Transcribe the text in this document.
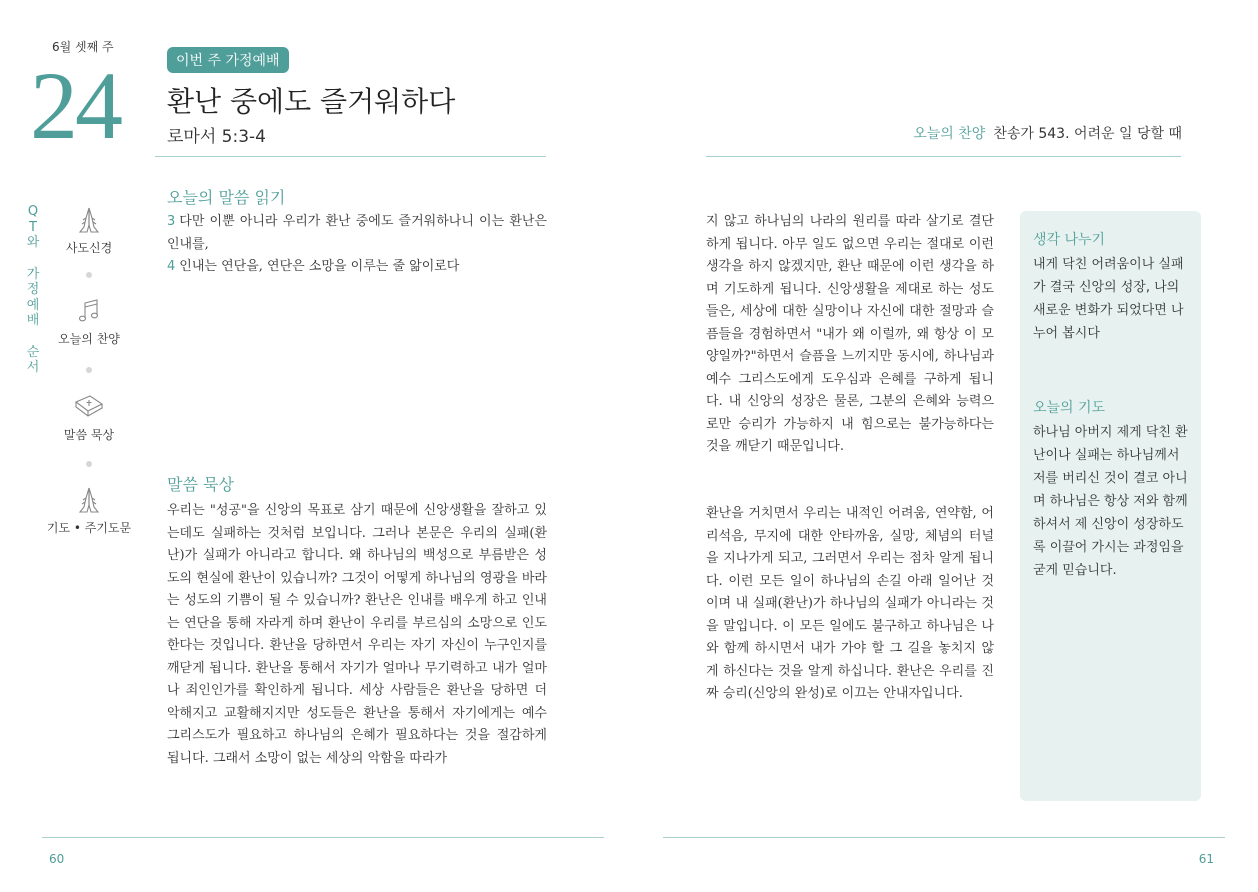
6월 셋째 주
24	이번 주 가정예배
환난 중에도 즐거워하다
로마서 5:3-4	오늘의 찬양 찬송가 543. 어려운 일 당할 때
Q
T
와
가
정
예
배
순
서
사도신경
오늘의 찬양
말씀 묵상
기도 • 주기도문
오늘의 말씀 읽기
3 다만 이뿐 아니라 우리가 환난 중에도 즐거워하나니 이는 환난은 인내를,
4 인내는 연단을, 연단은 소망을 이루는 줄 앎이로다
말씀 묵상
우리는 "성공"을 신앙의 목표로 삼기 때문에 신앙생활을 잘하고 있는데도 실패하는 것처럼 보입니다. 그러나 본문은 우리의 실패(환난)가 실패가 아니라고 합니다. 왜 하나님의 백성으로 부름받은 성도의 현실에 환난이 있습니까? 그것이 어떻게 하나님의 영광을 바라는 성도의 기쁨이 될 수 있습니까? 환난은 인내를 배우게 하고 인내는 연단을 통해 자라게 하며 환난이 우리를 부르심의 소망으로 인도한다는 것입니다. 환난을 당하면서 우리는 자기 자신이 누구인지를 깨닫게 됩니다. 환난을 통해서 자기가 얼마나 무기력하고 내가 얼마나 죄인인가를 확인하게 됩니다. 세상 사람들은 환난을 당하면 더 악해지고 교활해지지만 성도들은 환난을 통해서 자기에게는 예수 그리스도가 필요하고 하나님의 은혜가 필요하다는 것을 절감하게 됩니다. 그래서 소망이 없는 세상의 악함을 따라가
지 않고 하나님의 나라의 원리를 따라 살기로 결단하게 됩니다. 아무 일도 없으면 우리는 절대로 이런 생각을 하지 않겠지만, 환난 때문에 이런 생각을 하며 기도하게 됩니다. 신앙생활을 제대로 하는 성도들은, 세상에 대한 실망이나 자신에 대한 절망과 슬픔들을 경험하면서 "내가 왜 이럴까, 왜 항상 이 모양일까?"하면서 슬픔을 느끼지만 동시에, 하나님과 예수 그리스도에게 도우심과 은혜를 구하게 됩니다. 내 신앙의 성장은 물론, 그분의 은혜와 능력으로만 승리가 가능하지 내 힘으로는 불가능하다는 것을 깨닫기 때문입니다.
환난을 거치면서 우리는 내적인 어려움, 연약함, 어리석음, 무지에 대한 안타까움, 실망, 체념의 터널을 지나가게 되고, 그러면서 우리는 점차 알게 됩니다. 이런 모든 일이 하나님의 손길 아래 일어난 것이며 내 실패(환난)가 하나님의 실패가 아니라는 것을 말입니다. 이 모든 일에도 불구하고 하나님은 나와 함께 하시면서 내가 가야 할 그 길을 놓치지 않게 하신다는 것을 알게 하십니다. 환난은 우리를 진짜 승리(신앙의 완성)로 이끄는 안내자입니다.
생각 나누기
내게 닥친 어려움이나 실패가 결국 신앙의 성장, 나의 새로운 변화가 되었다면 나누어 봅시다
오늘의 기도
하나님 아버지 제게 닥친 환난이나 실패는 하나님께서 저를 버리신 것이 결코 아니며 하나님은 항상 저와 함께 하셔서 제 신앙이 성장하도록 이끌어 가시는 과정임을 굳게 믿습니다.
60	61
